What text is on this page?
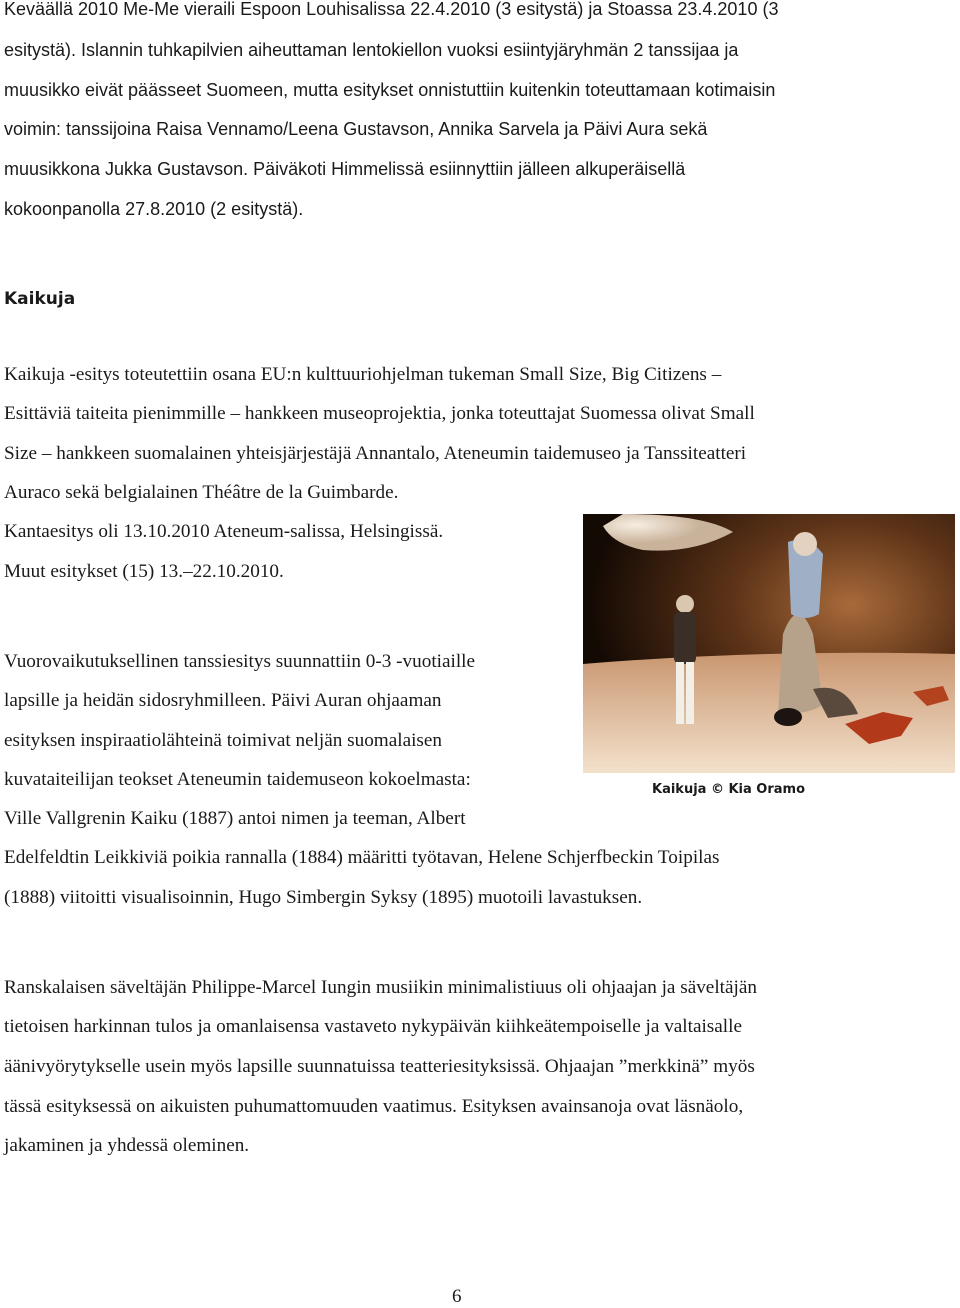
Keväällä 2010 Me-Me vieraili Espoon Louhisalissa 22.4.2010 (3 esitystä) ja Stoassa 23.4.2010 (3
esitystä). Islannin tuhkapilvien aiheuttaman lentokiellon vuoksi esiintyjäryhmän 2 tanssijaa ja
muusikko eivät päässeet Suomeen, mutta esitykset onnistuttiin kuitenkin toteuttamaan kotimaisin
voimin: tanssijoina Raisa Vennamo/Leena Gustavson, Annika Sarvela ja Päivi Aura sekä
muusikkona Jukka Gustavson. Päiväkoti Himmelissä esiinnyttiin jälleen alkuperäisellä
kokoonpanolla 27.8.2010 (2 esitystä).
Kaikuja
Kaikuja -esitys toteutettiin osana EU:n kulttuuriohjelman tukeman Small Size, Big Citizens –
Esittäviä taiteita pienimmille – hankkeen museoprojektia, jonka toteuttajat Suomessa olivat Small
Size – hankkeen suomalainen yhteisjärjestäjä Annantalo, Ateneumin taidemuseo ja Tanssiteatteri
Auraco sekä belgialainen Théâtre de la Guimbarde.
Kantaesitys oli 13.10.2010 Ateneum-salissa, Helsingissä.
Muut esitykset (15) 13.–22.10.2010.
Vuorovaikutuksellinen tanssiesitys suunnattiin 0-3 -vuotiaille
lapsille ja heidän sidosryhmilleen. Päivi Auran ohjaaman
esityksen inspiraatiolähteinä toimivat neljän suomalaisen
kuvataiteilijan teokset Ateneumin taidemuseon kokoelmasta:
Ville Vallgrenin Kaiku (1887) antoi nimen ja teeman, Albert
Edelfeldtin Leikkiviä poikia rannalla (1884) määritti työtavan, Helene Schjerfbeckin Toipilas
(1888) viitoitti visualisoinnin, Hugo Simbergin Syksy (1895) muotoili lavastuksen.
Kaikuja © Kia Oramo
Ranskalaisen säveltäjän Philippe-Marcel Iungin musiikin minimalistiuus oli ohjaajan ja säveltäjän
tietoisen harkinnan tulos ja omanlaisensa vastaveto nykypäivän kiihkeätempoiselle ja valtaisalle
äänivyörytykselle usein myös lapsille suunnatuissa teatteriesityksissä. Ohjaajan ”merkkinä” myös
tässä esityksessä on aikuisten puhumattomuuden vaatimus. Esityksen avainsanoja ovat läsnäolo,
jakaminen ja yhdessä oleminen.
6
